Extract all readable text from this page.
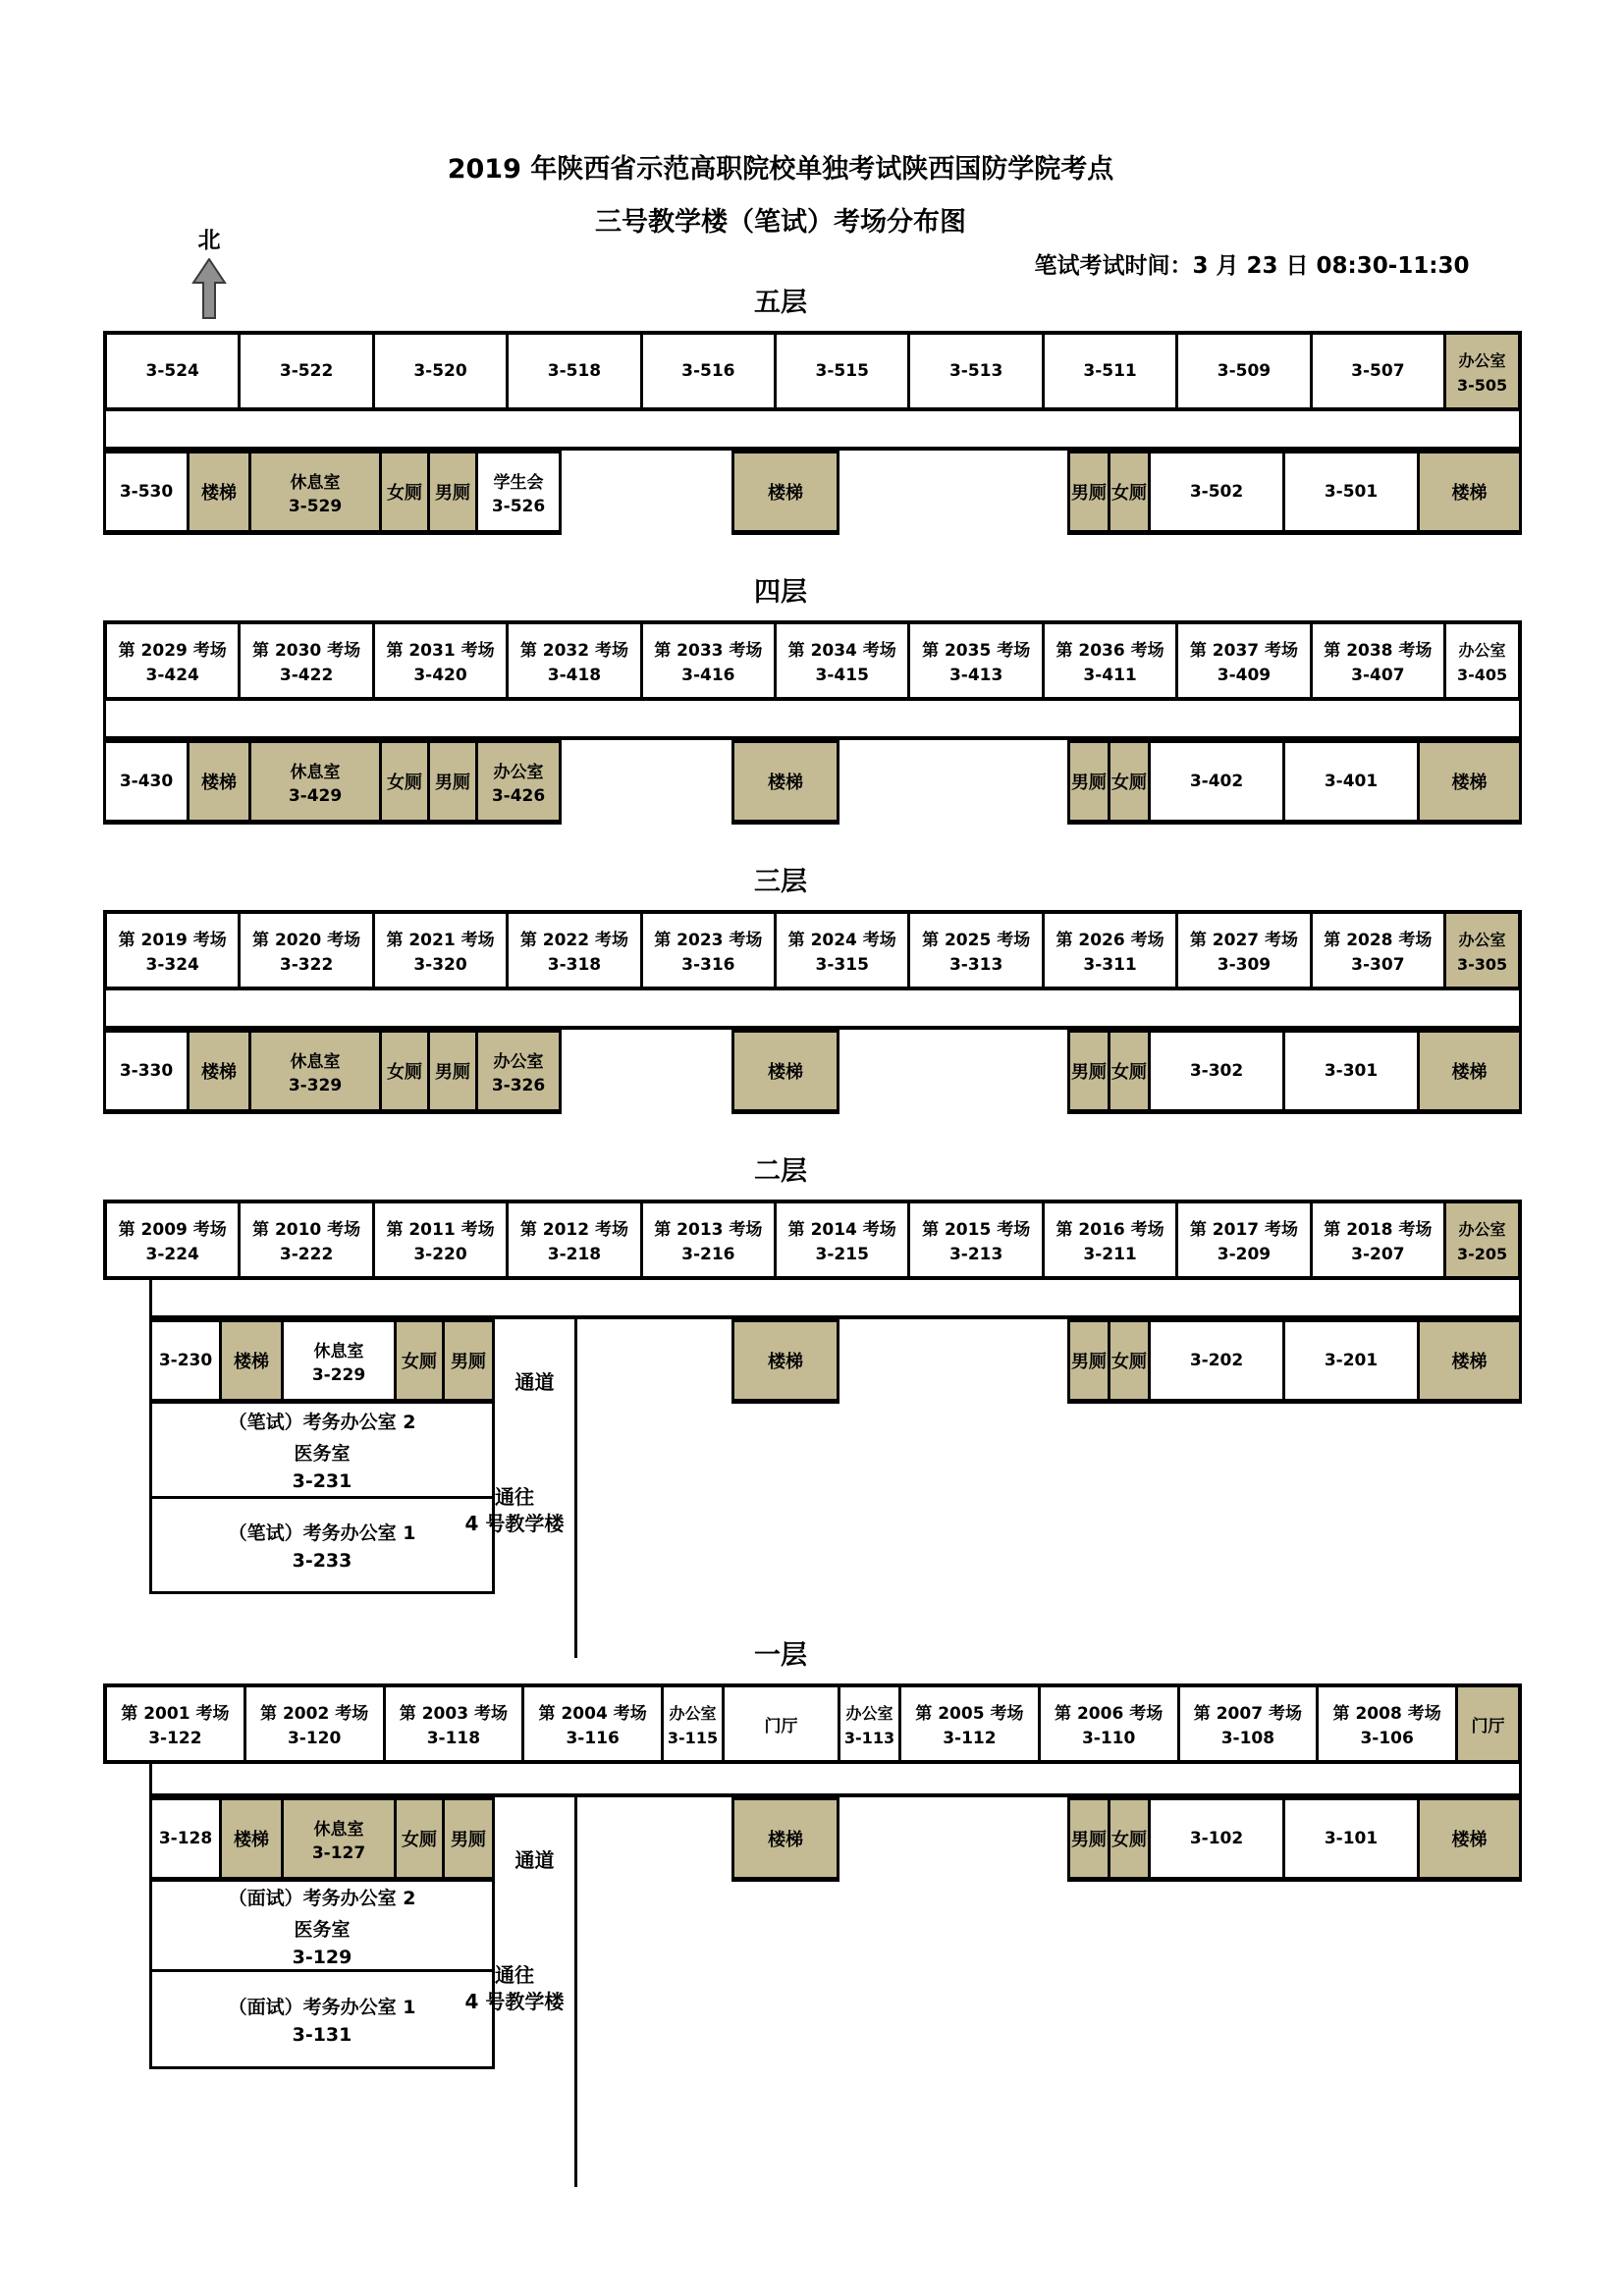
2019 年陕西省示范高职院校单独考试陕西国防学院考点
三号教学楼（笔试）考场分布图
笔试考试时间：3 月 23 日 08:30-11:30
北
五层
3-524	3-522	3-520	3-518	3-516	3-515	3-513	3-511	3-509	3-507
办公室
3-505
3-530 楼梯
休息室
3-529
女厕 男厕
学生会
3-526
楼梯	男厕 女厕	3-502	3-501	楼梯
四层
第 2029 考场
3-424
第 2030 考场
3-422
第 2031 考场
3-420
第 2032 考场
3-418
第 2033 考场
3-416
第 2034 考场
3-415
第 2035 考场
3-413
第 2036 考场
3-411
第 2037 考场
3-409
第 2038 考场
3-407
办公室
3-405
3-430 楼梯
休息室
3-429
女厕 男厕
办公室
3-426
楼梯	男厕 女厕	3-402	3-401	楼梯
三层
第 2019 考场
3-324
第 2020 考场
3-322
第 2021 考场
3-320
第 2022 考场
3-318
第 2023 考场
3-316
第 2024 考场
3-315
第 2025 考场
3-313
第 2026 考场
3-311
第 2027 考场
3-309
第 2028 考场
3-307
办公室
3-305
3-330 楼梯
休息室
3-329
女厕 男厕
办公室
3-326
楼梯	男厕 女厕	3-302	3-301	楼梯
二层
第 2009 考场
3-224
第 2010 考场
3-222
第 2011 考场
3-220
第 2012 考场
3-218
第 2013 考场
3-216
第 2014 考场
3-215
第 2015 考场
3-213
第 2016 考场
3-211
第 2017 考场
3-209
第 2018 考场
3-207
办公室
3-205
3-230 楼梯
休息室
3-229
女厕 男厕	楼梯	男厕 女厕	3-202	3-201	楼梯
（笔试）考务办公室 2
医务室
3-231
（笔试）考务办公室 1
3-233
通道
通往
4 号教学楼
一层
第 2001 考场
3-122
第 2002 考场
3-120
第 2003 考场
3-118
第 2004 考场
3-116
办公室
3-115
门厅
办公室
3-113
第 2005 考场
3-112
第 2006 考场
3-110
第 2007 考场
3-108
第 2008 考场
3-106
门厅
3-128 楼梯
休息室
3-127
女厕 男厕	楼梯	男厕 女厕	3-102	3-101	楼梯
（面试）考务办公室 2
医务室
3-129
（面试）考务办公室 1
3-131
通道
通往
4 号教学楼
